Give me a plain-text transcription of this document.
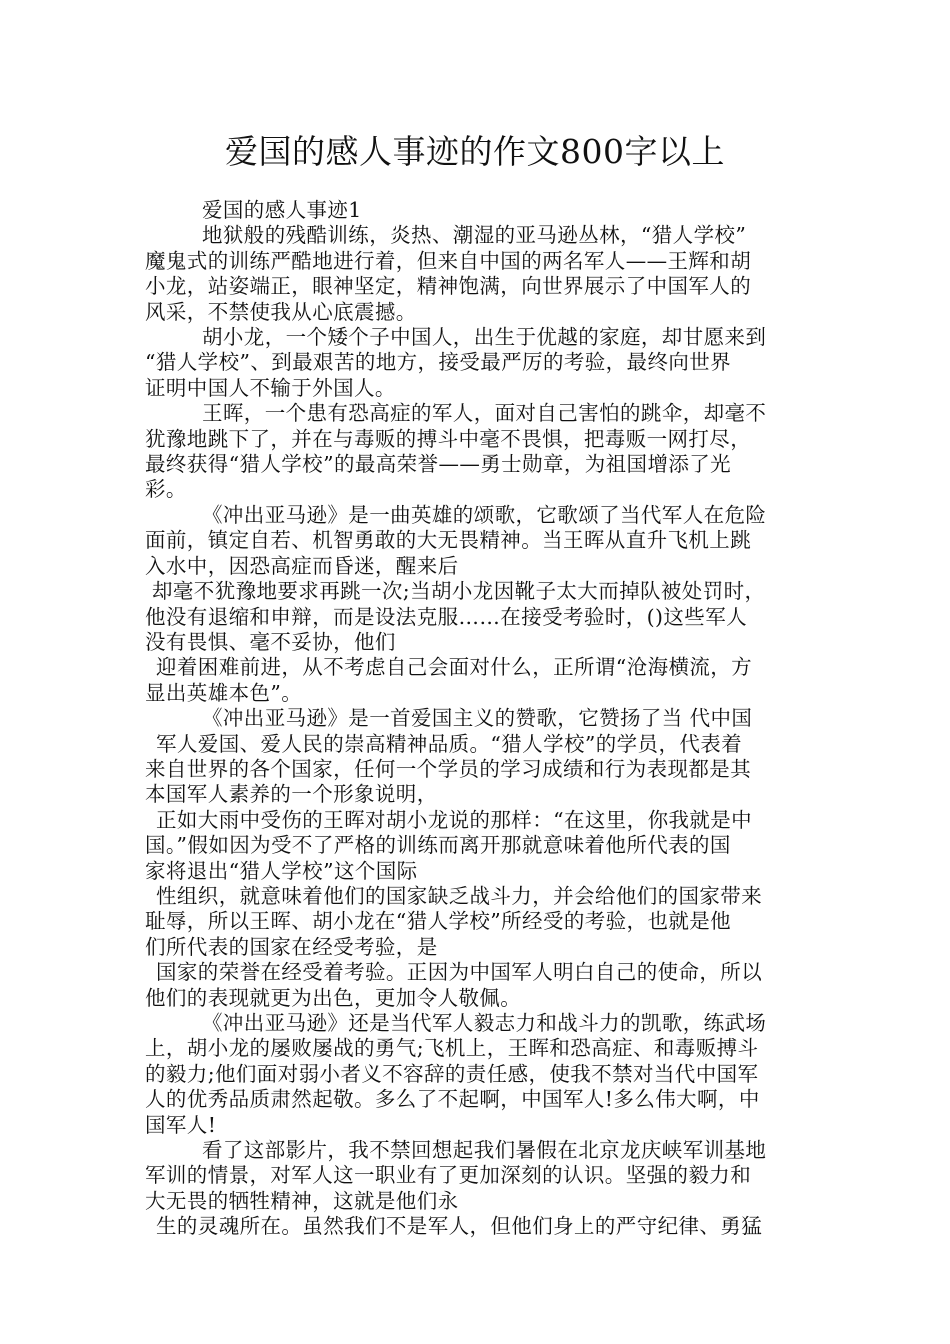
爱国的感人事迹的作文800字以上
爱国的感人事迹1
地狱般的残酷训练，炎热、潮湿的亚马逊丛林，“猎人学校”
魔鬼式的训练严酷地进行着，但来自中国的两名军人——王辉和胡
小龙，站姿端正，眼神坚定，精神饱满，向世界展示了中国军人的
风采，不禁使我从心底震撼。
胡小龙，一个矮个子中国人，出生于优越的家庭，却甘愿来到
“猎人学校”、到最艰苦的地方，接受最严厉的考验，最终向世界
证明中国人不输于外国人。
王晖，一个患有恐高症的军人，面对自己害怕的跳伞，却毫不
犹豫地跳下了，并在与毒贩的搏斗中毫不畏惧，把毒贩一网打尽，
最终获得“猎人学校”的最高荣誉——勇士勋章，为祖国增添了光
彩。
《冲出亚马逊》是一曲英雄的颂歌，它歌颂了当代军人在危险
面前，镇定自若、机智勇敢的大无畏精神。当王晖从直升飞机上跳
入水中，因恐高症而昏迷，醒来后
却毫不犹豫地要求再跳一次;当胡小龙因靴子太大而掉队被处罚时，
他没有退缩和申辩，而是设法克服……在接受考验时，()这些军人
没有畏惧、毫不妥协，他们
迎着困难前进，从不考虑自己会面对什么，正所谓“沧海横流，方
显出英雄本色”。
《冲出亚马逊》是一首爱国主义的赞歌，它赞扬了当 代中国
军人爱国、爱人民的崇高精神品质。“猎人学校”的学员，代表着
来自世界的各个国家，任何一个学员的学习成绩和行为表现都是其
本国军人素养的一个形象说明，
正如大雨中受伤的王晖对胡小龙说的那样：“在这里，你我就是中
国。”假如因为受不了严格的训练而离开那就意味着他所代表的国
家将退出“猎人学校”这个国际
性组织，就意味着他们的国家缺乏战斗力，并会给他们的国家带来
耻辱，所以王晖、胡小龙在“猎人学校”所经受的考验，也就是他
们所代表的国家在经受考验，是
国家的荣誉在经受着考验。正因为中国军人明白自己的使命，所以
他们的表现就更为出色，更加令人敬佩。
《冲出亚马逊》还是当代军人毅志力和战斗力的凯歌，练武场
上，胡小龙的屡败屡战的勇气;飞机上，王晖和恐高症、和毒贩搏斗
的毅力;他们面对弱小者义不容辞的责任感，使我不禁对当代中国军
人的优秀品质肃然起敬。多么了不起啊，中国军人!多么伟大啊，中
国军人!
看了这部影片，我不禁回想起我们暑假在北京龙庆峡军训基地
军训的情景，对军人这一职业有了更加深刻的认识。坚强的毅力和
大无畏的牺牲精神，这就是他们永
生的灵魂所在。虽然我们不是军人，但他们身上的严守纪律、勇猛
